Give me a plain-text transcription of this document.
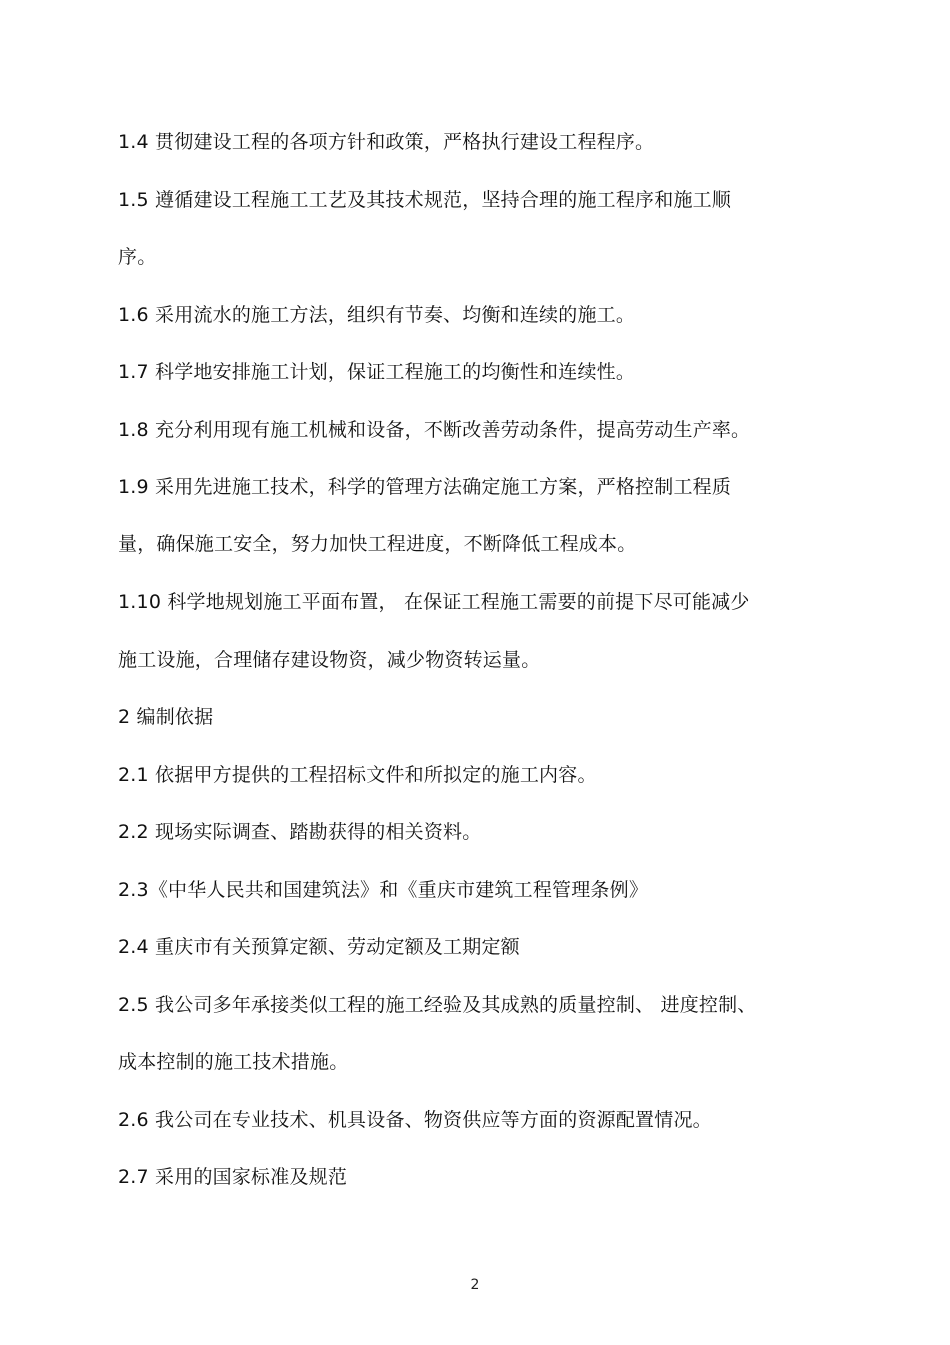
1.4 贯彻建设工程的各项方针和政策，严格执行建设工程程序。
1.5 遵循建设工程施工工艺及其技术规范，坚持合理的施工程序和施工顺
序。
1.6 采用流水的施工方法，组织有节奏、均衡和连续的施工。
1.7 科学地安排施工计划，保证工程施工的均衡性和连续性。
1.8 充分利用现有施工机械和设备，不断改善劳动条件，提高劳动生产率。
1.9 采用先进施工技术，科学的管理方法确定施工方案，严格控制工程质
量，确保施工安全，努力加快工程进度，不断降低工程成本。
1.10 科学地规划施工平面布置， 在保证工程施工需要的前提下尽可能减少
施工设施，合理储存建设物资，减少物资转运量。
2 编制依据
2.1 依据甲方提供的工程招标文件和所拟定的施工内容。
2.2 现场实际调查、踏勘获得的相关资料。
2.3《中华人民共和国建筑法》和《重庆市建筑工程管理条例》
2.4 重庆市有关预算定额、劳动定额及工期定额
2.5 我公司多年承接类似工程的施工经验及其成熟的质量控制、 进度控制、
成本控制的施工技术措施。
2.6 我公司在专业技术、机具设备、物资供应等方面的资源配置情况。
2.7 采用的国家标准及规范
2
